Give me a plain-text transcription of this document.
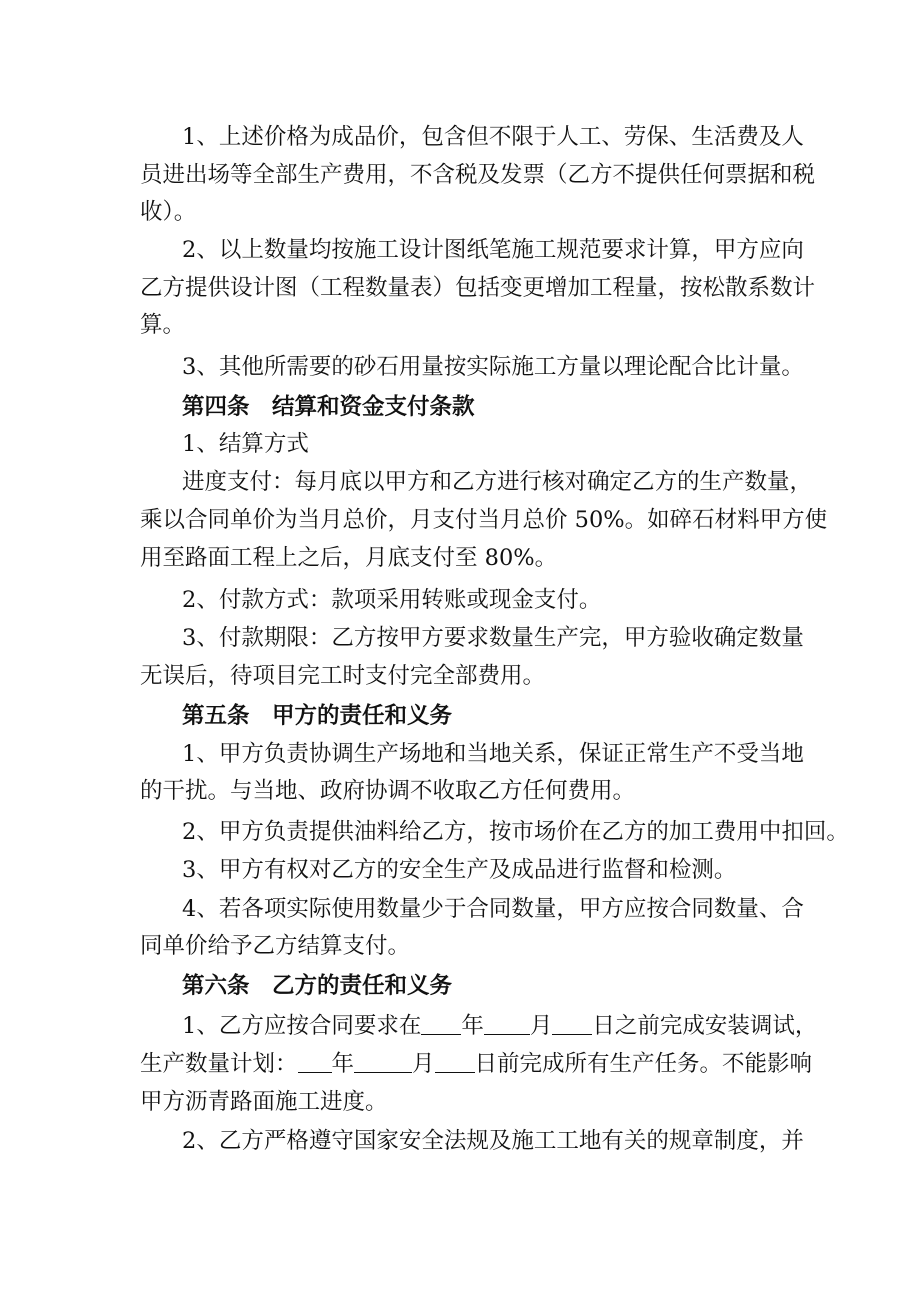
1、上述价格为成品价，包含但不限于人工、劳保、生活费及人
员进出场等全部生产费用，不含税及发票（乙方不提供任何票据和税
收）。
2、以上数量均按施工设计图纸笔施工规范要求计算，甲方应向
乙方提供设计图（工程数量表）包括变更增加工程量，按松散系数计
算。
3、其他所需要的砂石用量按实际施工方量以理论配合比计量。
第四条　结算和资金支付条款
1、结算方式
进度支付：每月底以甲方和乙方进行核对确定乙方的生产数量，
乘以合同单价为当月总价，月支付当月总价 50%。如碎石材料甲方使
用至路面工程上之后，月底支付至 80%。
2、付款方式：款项采用转账或现金支付。
3、付款期限：乙方按甲方要求数量生产完，甲方验收确定数量
无误后，待项目完工时支付完全部费用。
第五条　甲方的责任和义务
1、甲方负责协调生产场地和当地关系，保证正常生产不受当地
的干扰。与当地、政府协调不收取乙方任何费用。
2、甲方负责提供油料给乙方，按市场价在乙方的加工费用中扣回。
3、甲方有权对乙方的安全生产及成品进行监督和检测。
4、若各项实际使用数量少于合同数量，甲方应按合同数量、合
同单价给予乙方结算支付。
第六条　乙方的责任和义务
1、乙方应按合同要求在 年 月 日之前完成安装调试，
生产数量计划： 年	月 日前完成所有生产任务。不能影响
甲方沥青路面施工进度。
2、乙方严格遵守国家安全法规及施工工地有关的规章制度，并
